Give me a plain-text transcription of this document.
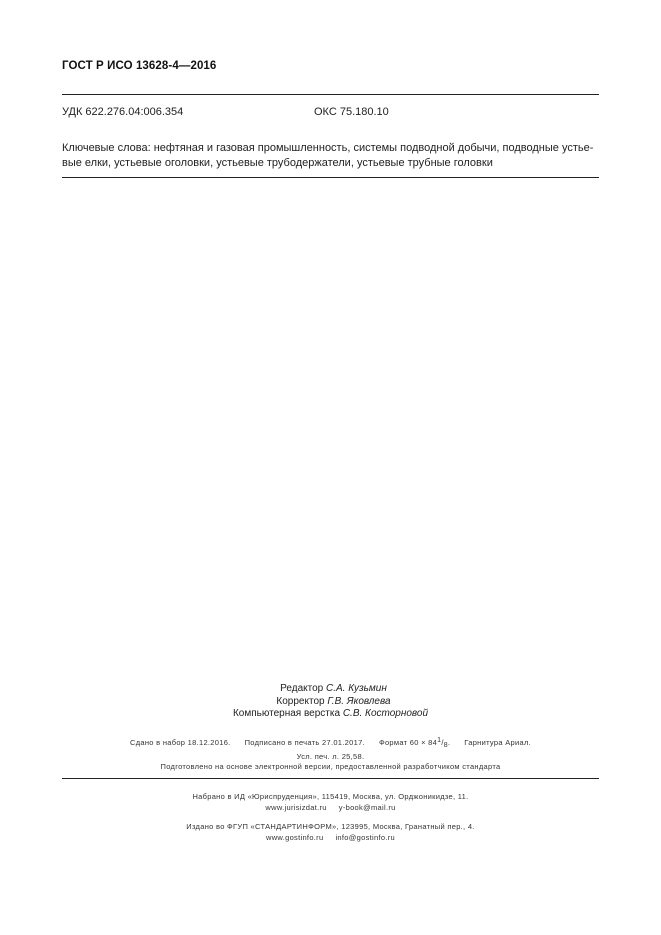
ГОСТ Р ИСО 13628-4—2016
УДК 622.276.04:006.354	ОКС 75.180.10
Ключевые слова: нефтяная и газовая промышленность, системы подводной добычи, подводные устье-
вые елки, устьевые оголовки, устьевые трубодержатели, устьевые трубные головки
Редактор С.А. Кузьмин
Корректор Г.В. Яковлева
Компьютерная верстка С.В. Косторновой
Сдано в набор 18.12.2016. Подписано в печать 27.01.2017. Формат $60 \times 84^1/_8$. Гарнитура Ариал.
Усл. печ. л. 25,58.
Подготовлено на основе электронной версии, предоставленной разработчиком стандарта
Набрано в ИД «Юриспруденция», 115419, Москва, ул. Орджоникидзе, 11.
www.jurisizdat.ru y-book@mail.ru
Издано во ФГУП «СТАНДАРТИНФОРМ», 123995, Москва, Гранатный пер., 4.
www.gostinfo.ru info@gostinfo.ru
